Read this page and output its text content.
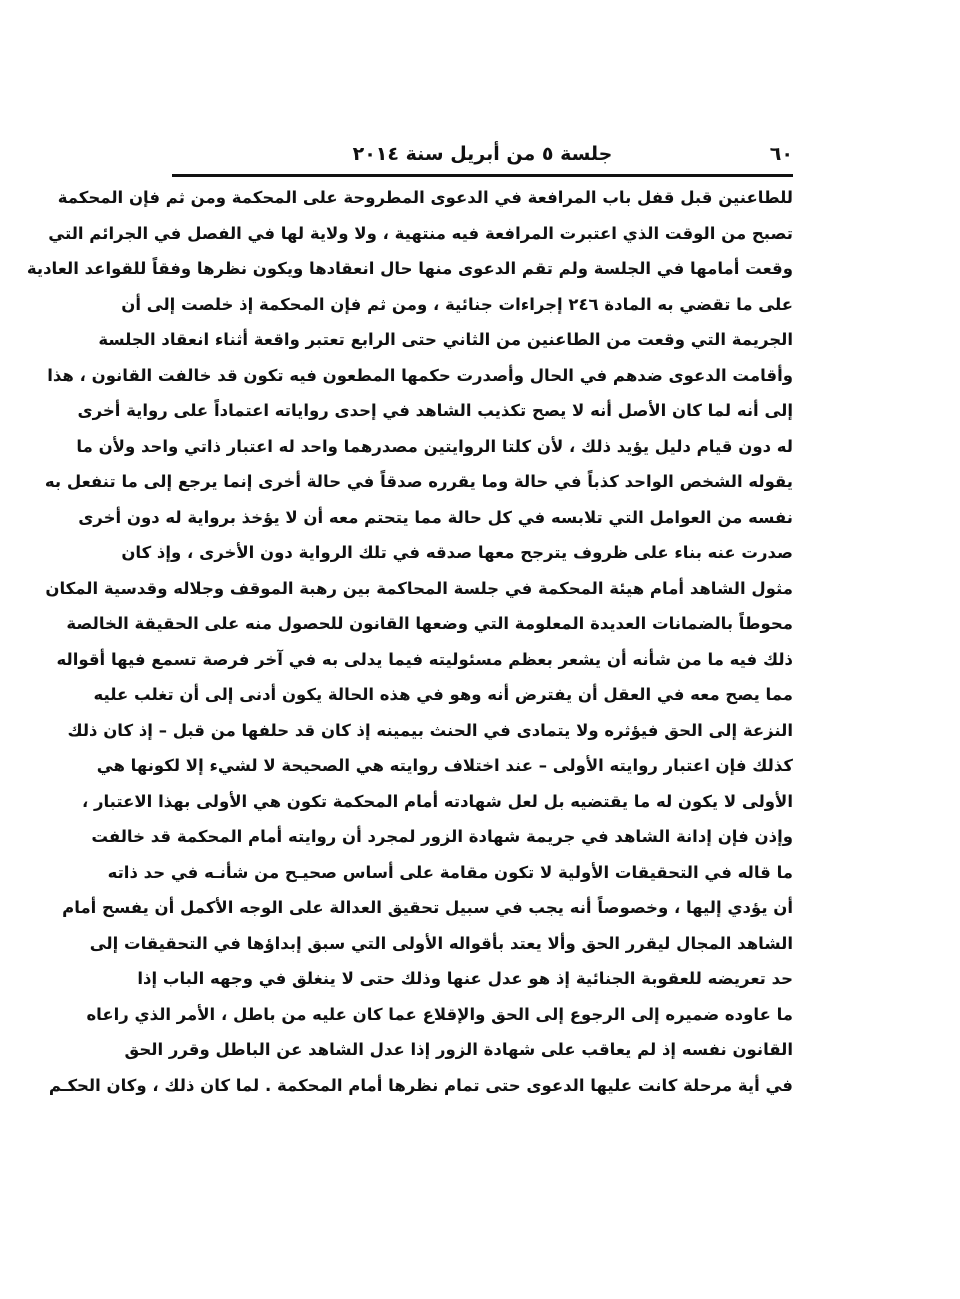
٦٠
جلسة ٥ من أبريل سنة ٢٠١٤
للطاعنين قبل قفل باب المرافعة في الدعوى المطروحة على المحكمة ومن ثم فإن المحكمة
تصبح من الوقت الذي اعتبرت المرافعة فيه منتهية ، ولا ولاية لها في الفصل في الجرائم التي
وقعت أمامها في الجلسة ولم تقم الدعوى منها حال انعقادها ويكون نظرها وفقاً للقواعد العادية
على ما تقضي به المادة ٢٤٦ إجراءات جنائية ، ومن ثم فإن المحكمة إذ خلصت إلى أن
الجريمة التي وقعت من الطاعنين من الثاني حتى الرابع تعتبر واقعة أثناء انعقاد الجلسة
وأقامت الدعوى ضدهم في الحال وأصدرت حكمها المطعون فيه تكون قد خالفت القانون ، هذا
إلى أنه لما كان الأصل أنه لا يصح تكذيب الشاهد في إحدى رواياته اعتماداً على رواية أخرى
له دون قيام دليل يؤيد ذلك ، لأن كلتا الروايتين مصدرهما واحد له اعتبار ذاتي واحد ولأن ما
يقوله الشخص الواحد كذباً في حالة وما يقرره صدقاً في حالة أخرى إنما يرجع إلى ما تنفعل به
نفسه من العوامل التي تلابسه في كل حالة مما يتحتم معه أن لا يؤخذ برواية له دون أخرى
صدرت عنه بناء على ظروف يترجح معها صدقه في تلك الرواية دون الأخرى ، وإذ كان
مثول الشاهد أمام هيئة المحكمة في جلسة المحاكمة بين رهبة الموقف وجلاله وقدسية المكان
محوطاً بالضمانات العديدة المعلومة التي وضعها القانون للحصول منه على الحقيقة الخالصة
ذلك فيه ما من شأنه أن يشعر بعظم مسئوليته فيما يدلى به في آخر فرصة تسمع فيها أقواله
مما يصح معه في العقل أن يفترض أنه وهو في هذه الحالة يكون أدنى إلى أن تغلب عليه
النزعة إلى الحق فيؤثره ولا يتمادى في الحنث بيمينه إذ كان قد حلفها من قبل – إذ كان ذلك
كذلك فإن اعتبار روايته الأولى – عند اختلاف روايته هي الصحيحة لا لشيء إلا لكونها هي
الأولى لا يكون له ما يقتضيه بل لعل شهادته أمام المحكمة تكون هي الأولى بهذا الاعتبار ،
وإذن فإن إدانة الشاهد في جريمة شهادة الزور لمجرد أن روايته أمام المحكمة قد خالفت
ما قاله في التحقيقات الأولية لا تكون مقامة على أساس صحيـح من شأنـه في حد ذاته
أن يؤدي إليها ، وخصوصاً أنه يجب في سبيل تحقيق العدالة على الوجه الأكمل أن يفسح أمام
الشاهد المجال ليقرر الحق وألا يعتد بأقواله الأولى التي سبق إبداؤها في التحقيقات إلى
حد تعريضه للعقوبة الجنائية إذ هو عدل عنها وذلك حتى لا ينغلق في وجهه الباب إذا
ما عاوده ضميره إلى الرجوع إلى الحق والإقلاع عما كان عليه من باطل ، الأمر الذي راعاه
القانون نفسه إذ لم يعاقب على شهادة الزور إذا عدل الشاهد عن الباطل وقرر الحق
في أية مرحلة كانت عليها الدعوى حتى تمام نظرها أمام المحكمة . لما كان ذلك ، وكان الحكـم
